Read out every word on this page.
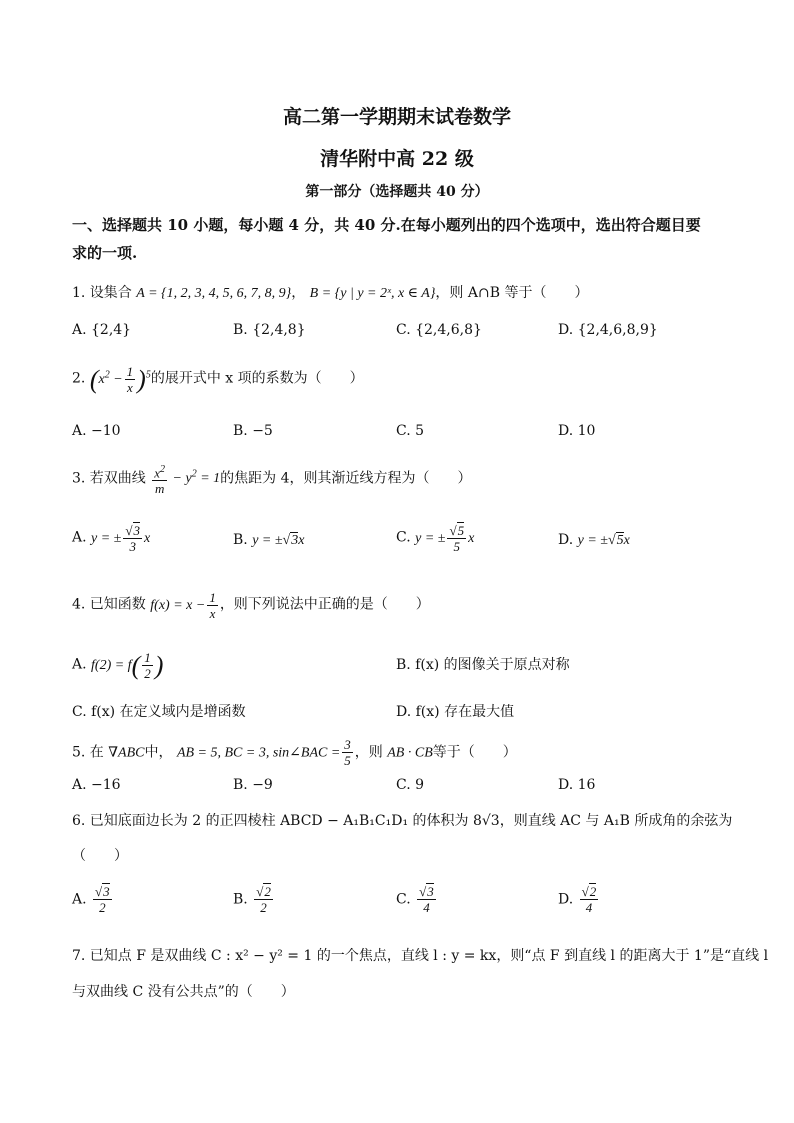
高二第一学期期末试卷数学
清华附中高 22 级
第一部分（选择题共 40 分）
一、选择题共 10 小题，每小题 4 分，共 40 分.在每小题列出的四个选项中，选出符合题目要
求的一项.
1. 设集合 A = {1, 2, 3, 4, 5, 6, 7, 8, 9}， B = {y | y = 2ˣ, x ∈ A}，则 A∩B 等于（　　）
A. {2,4}	B. {2,4,8}	C. {2,4,6,8}	D. {2,4,6,8,9}
2. $(x^2 - \frac{1}{x} )^5$的展开式中 x 项的系数为（　　）
A. −10	B. −5	C. 5	D. 10
3. 若双曲线 $\frac{x^2}{m} - y^2 = 1$的焦距为 4，则其渐近线方程为（　　）
A. y = ± $\frac{√3}{3}$ x	B. y = ±√3x	C. y = ± $\frac{√5}{5}$ x	D. y = ±√5x
4. 已知函数 $f(x) = x - \frac{1}{x}$ ，则下列说法中正确的是（　　）
A. $f(2) = f( \frac{1}{2}$ )	B. f(x) 的图像关于原点对称
C. f(x) 在定义域内是增函数	D. f(x) 存在最大值
5. 在 ∇ABC中， AB = 5, BC = 3, sin∠BAC = $\frac{3}{5}$ ，则 AB · CB等于（　　）
A. −16	B. −9	C. 9	D. 16
6. 已知底面边长为 2 的正四棱柱 ABCD − A₁B₁C₁D₁ 的体积为 8√3，则直线 AC 与 A₁B 所成角的余弦为
（　　）
A. $\frac{√3}{2}$	B. $\frac{√2}{2}$	C. $\frac{√3}{4}$	D. $\frac{√2}{4}$
7. 已知点 F 是双曲线 C : x² − y² = 1 的一个焦点，直线 l : y = kx，则“点 F 到直线 l 的距离大于 1”是“直线 l
与双曲线 C 没有公共点”的（　　）
